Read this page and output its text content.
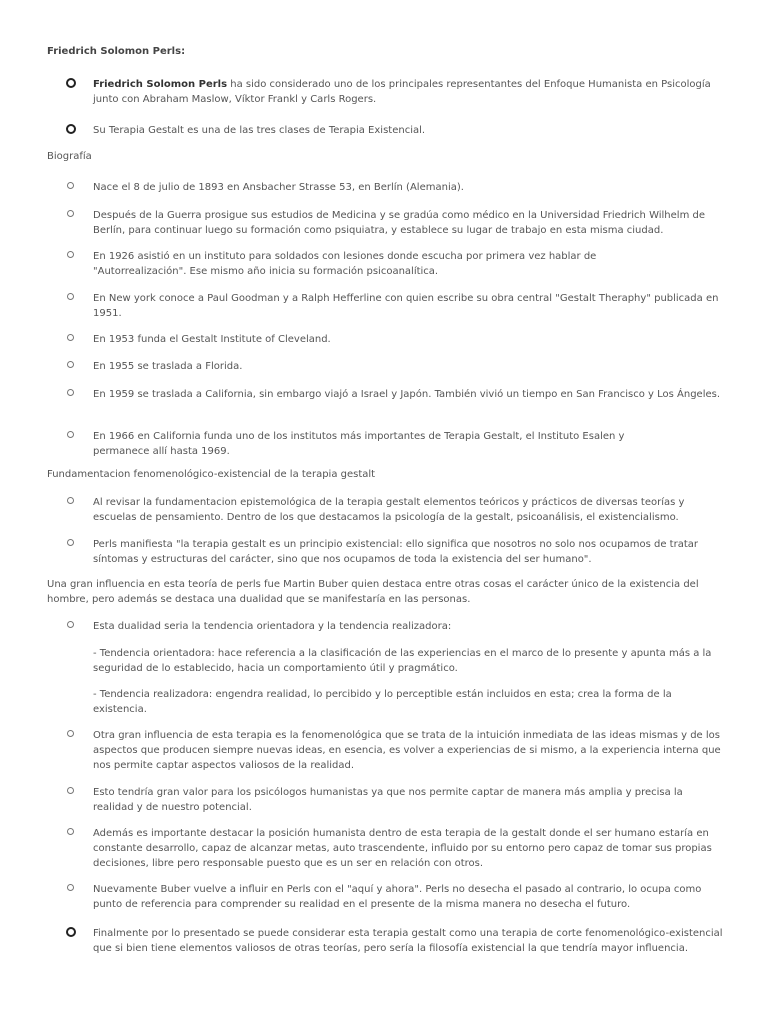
Friedrich Solomon Perls:
Friedrich Solomon Perls ha sido considerado uno de los principales representantes del Enfoque Humanista en Psicología junto con Abraham Maslow, Víktor Frankl y Carls Rogers.
Su Terapia Gestalt es una de las tres clases de Terapia Existencial.
Biografía
Nace el 8 de julio de 1893 en Ansbacher Strasse 53, en Berlín (Alemania).
Después de la Guerra prosigue sus estudios de Medicina y se gradúa como médico en la Universidad Friedrich Wilhelm de Berlín, para continuar luego su formación como psiquiatra, y establece su lugar de trabajo en esta misma ciudad.
En 1926 asistió en un instituto para soldados con lesiones donde escucha por primera vez hablar de "Autorrealización". Ese mismo año inicia su formación psicoanalítica.
En New york conoce a Paul Goodman y a Ralph Hefferline con quien escribe su obra central "Gestalt Theraphy" publicada en 1951.
En 1953 funda el Gestalt Institute of Cleveland.
En 1955 se traslada a Florida.
En 1959 se traslada a California, sin embargo viajó a Israel y Japón. También vivió un tiempo en San Francisco y Los Ángeles.
En 1966 en California funda uno de los institutos más importantes de Terapia Gestalt, el Instituto Esalen y permanece allí hasta 1969.
Fundamentacion fenomenológico-existencial de la terapia gestalt
Al revisar la fundamentacion epistemológica de la terapia gestalt elementos teóricos y prácticos de diversas teorías y escuelas de pensamiento. Dentro de los que destacamos la psicología de la gestalt, psicoanálisis, el existencialismo.
Perls manifiesta "la terapia gestalt es un principio existencial: ello significa que nosotros no solo nos ocupamos de tratar síntomas y estructuras del carácter, sino que nos ocupamos de toda la existencia del ser humano".
Una gran influencia en esta teoría de perls fue Martin Buber quien destaca entre otras cosas el carácter único de la existencia del hombre, pero además se destaca una dualidad que se manifestaría en las personas.
Esta dualidad seria la tendencia orientadora y la tendencia realizadora:
- Tendencia orientadora: hace referencia a la clasificación de las experiencias en el marco de lo presente y apunta más a la seguridad de lo establecido, hacia un comportamiento útil y pragmático.
- Tendencia realizadora: engendra realidad, lo percibido y lo perceptible están incluidos en esta; crea la forma de la existencia.
Otra gran influencia de esta terapia es la fenomenológica que se trata de la intuición inmediata de las ideas mismas y de los aspectos que producen siempre nuevas ideas, en esencia, es volver a experiencias de si mismo, a la experiencia interna que nos permite captar aspectos valiosos de la realidad.
Esto tendría gran valor para los psicólogos humanistas ya que nos permite captar de manera más amplia y precisa la realidad y de nuestro potencial.
Además es importante destacar la posición humanista dentro de esta terapia de la gestalt donde el ser humano estaría en constante desarrollo, capaz de alcanzar metas, auto trascendente, influido por su entorno pero capaz de tomar sus propias decisiones, libre pero responsable puesto que es un ser en relación con otros.
Nuevamente Buber vuelve a influir en Perls con el "aquí y ahora". Perls no desecha el pasado al contrario, lo ocupa como punto de referencia para comprender su realidad en el presente de la misma manera no desecha el futuro.
Finalmente por lo presentado se puede considerar esta terapia gestalt como una terapia de corte fenomenológico-existencial que si bien tiene elementos valiosos de otras teorías, pero sería la filosofía existencial la que tendría mayor influencia.
